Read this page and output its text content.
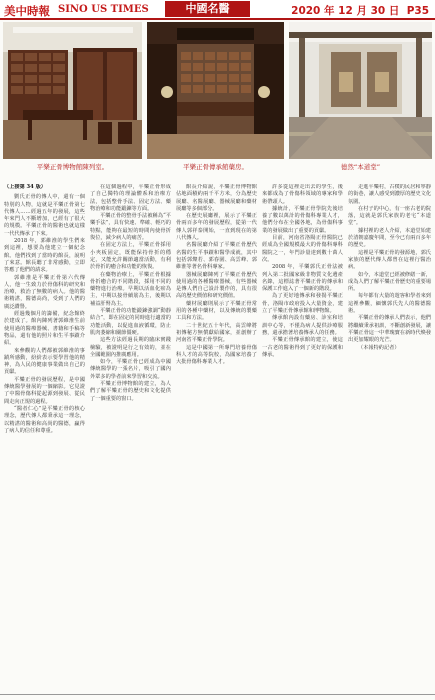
美中時報 SINO US TIMES	中國名醫	2020 年 12 月 30 日 P35
平樂正骨博物館陳列室。	平樂正骨傳承館藥房。	德然“本道堂”

（上接第 34 版）

劉氏正骨的傳人中，還有一個特別的人物，這就是平樂正骨第七代傳人……經過五年的發展，這些年來門人不斷增加，已經有了很大的規模。平樂正骨的醫術也就這樣一代代傳承了下來。

2018 年，郭維淮的學生們來到這裡，想要為他建立一個紀念館。他們找到了當時的館長，說明了來意。館長聽了非常感動，立即答應了他們的請求。

郭維淮是平樂正骨第六代傳人，他一生致力於骨傷科的研究和治療，救治了無數的病人。他的醫術精湛，醫德高尚，受到了人們的廣泛讚譽。

經過幾個月的籌備，紀念館終於建成了。館內陳列著郭維淮生前使用過的醫療器械、書籍和手稿等物品，還有他的照片和生平事蹟介紹。

來參觀的人們都被郭維淮的事蹟所感動，紛紛表示要學習他的精神，為人民的健康事業做出自己的貢獻。

平樂正骨的發展歷程，是中國傳統醫學發展的一個縮影。它見證了中醫骨傷科從起源到發展、從民間走向正規的過程。

“醫者仁心”是平樂正骨的核心理念，歷代傳人都秉承這一理念，以精湛的醫術和高尚的醫德，贏得了病人的信任和尊重。

在這個過程中，平樂正骨形成了自己獨特的理論體系和治療方法，包括整骨手法、固定方法、藥物治療和功能鍛鍊等方面。

平樂正骨的整骨手法被稱為“平樂手法”，具有快速、準確、輕巧的特點，能夠在最短的時間內使骨折復位，減少病人的痛苦。

在固定方法上，平樂正骨採用小夾板固定，既能保持骨折的穩定，又能允許關節適當活動，有利於骨折的癒合和功能的恢復。

在藥物治療上，平樂正骨根據骨折癒合的不同階段，採用不同的藥物進行治療。早期以活血化瘀為主，中期以接骨續筋為主，後期以補益肝腎為主。

平樂正骨的功能鍛鍊強調“動靜結合”，即在固定的同時進行適當的功能活動，以促進血液循環，防止肌肉萎縮和關節僵硬。

這些方法經過長期的臨床實踐檢驗，被證明是行之有效的，並在全國範圍內推廣應用。

如今，平樂正骨已經成為中國傳統醫學的一張名片，吸引了國內外眾多的學者前來學習和交流。

平樂正骨博物館的建立，為人們了解平樂正骨的歷史和文化提供了一個重要的窗口。

館長介紹說，平樂正骨博物館佔地面積約兩千平方米，分為歷史展廳、名醫展廳、器械展廳和藥材展廳等多個部分。

在歷史展廳裡，展示了平樂正骨兩百多年的發展歷程，從第一代傳人郭祥泰開始，一直到現在的第八代傳人。

名醫展廳介紹了平樂正骨歷代名醫的生平事蹟和醫學成就，其中包括郭燦若、郭春園、高雲峰、郭維淮等著名骨科專家。

器械展廳陳列了平樂正骨歷代使用過的各種醫療器械，有些器械是傳人們自己設計製作的，具有很高的歷史價值和研究價值。

藥材展廳則展示了平樂正骨常用的各種中藥材，以及傳統的製藥工具和方法。

二十世紀五十年代，高雲峰將祖傳秘方無償獻給國家，並創辦了河南省平樂正骨學院。

這是中國第一所專門培養骨傷科人才的高等院校，為國家培養了大批骨傷科專業人才。

許多從這裡走出去的學生，後來都成為了骨傷科領域的專家和學術帶頭人。

據統計，平樂正骨學院先後培養了數以萬計的骨傷科專業人才，他們分布在全國各地，為骨傷科事業的發展做出了重要的貢獻。

目前，河南省洛陽正骨醫院已經成為全國規模最大的骨傷科專科醫院之一，年門診量達到數十萬人次。

2008 年，平樂郭氏正骨法被列入第二批國家級非物質文化遺產名錄，這標誌著平樂正骨的傳承和保護工作進入了一個新的階段。

為了更好地傳承和發揚平樂正骨，洛陽市政府投入大量資金，建立了平樂正骨傳承館和博物館。

傳承館內設有藥房、診室和培訓中心等，不僅為病人提供診療服務，還承擔著培養傳承人的任務。

平樂正骨傳承館的建立，使這一古老的醫術得到了更好的保護和傳承。

走進平樂村，古樸的民居和寧靜的街巷，讓人感受到濃厚的歷史文化氛圍。

在村子的中心，有一座古老的院落，這就是郭氏家族的老宅“本道堂”。

據村裡的老人介紹，本道堂始建於清朝嘉慶年間，至今已有兩百多年的歷史。

這裡是平樂正骨的發源地，郭氏家族的歷代傳人都曾在這裡行醫治病。

如今，本道堂已經被修繕一新，成為人們了解平樂正骨歷史的重要場所。

每年都有大量的遊客和學者來到這裡參觀，緬懷郭氏先人的醫德醫術。

平樂正骨的傳承人們表示，他們將繼續秉承祖訓，不斷創新發展，讓平樂正骨這一中華瑰寶在新時代煥發出更加耀眼的光芒。

（本報特約記者）
